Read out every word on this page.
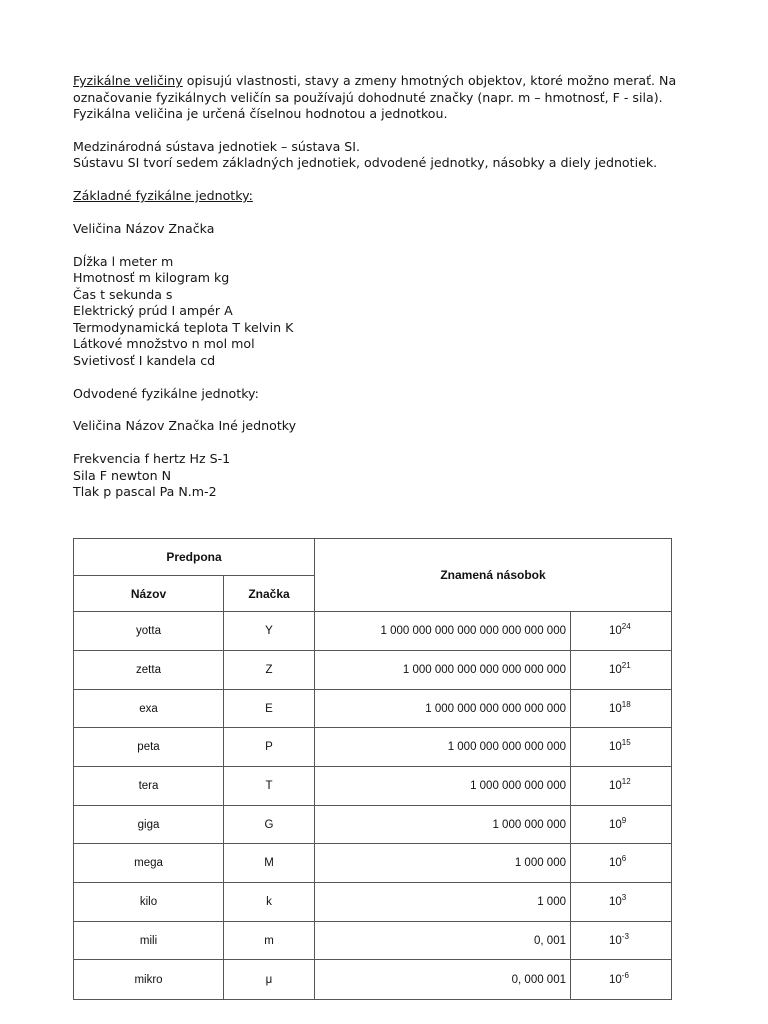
Fyzikálne veličiny opisujú vlastnosti, stavy a zmeny hmotných objektov, ktoré možno merať. Na
označovanie fyzikálnych veličín sa používajú dohodnuté značky (napr. m – hmotnosť, F - sila).
Fyzikálna veličina je určená číselnou hodnotou a jednotkou.
Medzinárodná sústava jednotiek – sústava SI.
Sústavu SI tvorí sedem základných jednotiek, odvodené jednotky, násobky a diely jednotiek.
Základné fyzikálne jednotky:
Veličina Názov Značka
Dĺžka l meter m
Hmotnosť m kilogram kg
Čas t sekunda s
Elektrický prúd I ampér A
Termodynamická teplota T kelvin K
Látkové množstvo n mol mol
Svietivosť I kandela cd
Odvodené fyzikálne jednotky:
Veličina Názov Značka Iné jednotky
Frekvencia f hertz Hz S-1
Sila F newton N
Tlak p pascal Pa N.m-2
Predpona		Znamená násobok	
Názov	Značka		
yotta	Y	1 000 000 000 000 000 000 000 000	$10^{24}$
zetta	Z	1 000 000 000 000 000 000 000	$10^{21}$
exa	E	1 000 000 000 000 000 000	$10^{18}$
peta	P	1 000 000 000 000 000	$10^{15}$
tera	T	1 000 000 000 000	$10^{12}$
giga	G	1 000 000 000	$10^9$
mega	M	1 000 000	$10^6$
kilo	k	1 000	$10^3$
mili	m	0, 001	$10^{-3}$
mikro	μ	0, 000 001	$10^{-6}$
